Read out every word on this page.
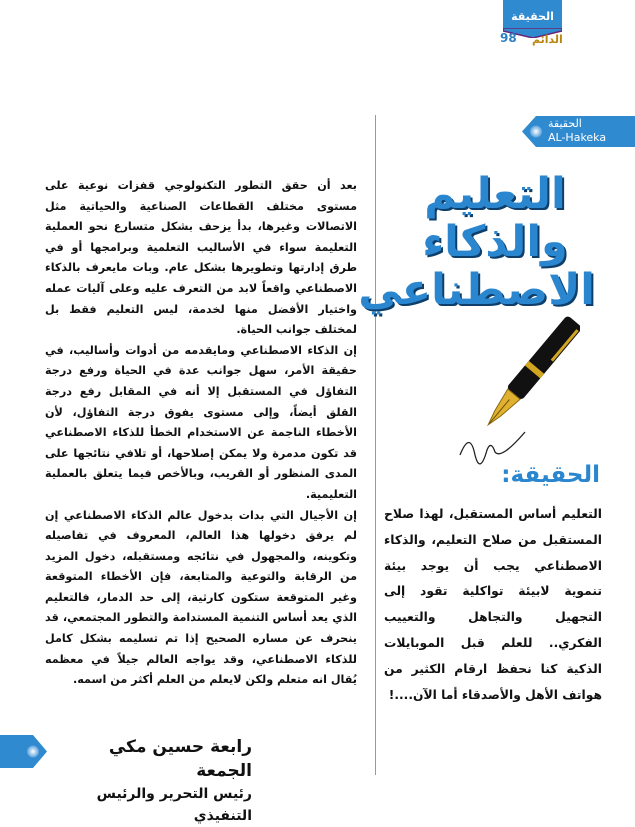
الحقيقة
98 الدائم
الحقيقة
AL-Hakeka
التعليم
والذكاء
الاصطناعي

بعد أن حقق التطور التكنولوجي قفزات نوعية على مستوى مختلف القطاعات الصناعية والحياتية مثل الاتصالات وغيرها، بدأ يزحف بشكل متسارع نحو العملية التعليمة سواء في الأساليب التعلمية وبرامجها أو في طرق إدارتها وتطويرها بشكل عام. وبات مايعرف بالذكاء الاصطناعي واقعاً لابد من التعرف عليه وعلى آليات عمله واختيار الأفضل منها لخدمة، ليس التعليم فقط بل لمختلف جوانب الحياة.

إن الذكاء الاصطناعي ومايقدمه من أدوات وأساليب، في حقيقة الأمر، سهل جوانب عدة في الحياة ورفع درجة التفاؤل في المستقبل إلا أنه في المقابل رفع درجة القلق أيضاً، وإلى مستوى يفوق درجة التفاؤل، لأن الأخطاء الناجمة عن الاستخدام الخطأ للذكاء الاصطناعي قد تكون مدمرة ولا يمكن إصلاحها، أو تلافي نتائجها على المدى المنظور أو القريب، وبالأخص فيما يتعلق بالعملية التعليمية.

إن الأجيال التي بدات بدخول عالم الذكاء الاصطناعي إن لم يرفق دخولها هذا العالم، المعروف في تفاصيله وتكوينه، والمجهول في نتائجه ومستقبله، دخول المزيد من الرقابة والتوعية والمتابعة، فإن الأخطاء المتوقعة وغير المتوقعة ستكون كارثية، إلى حد الدمار، فالتعليم الذي يعد أساس التنمية المستدامة والتطور المجتمعي، قد ينحرف عن مساره الصحيح إذا تم تسليمه بشكل كامل للذكاء الاصطناعي، وقد يواجه العالم جيلاً في معظمه يُقال انه متعلم ولكن لايعلم من العلم أكثر من اسمه.

الحقيقة:
التعليم أساس المستقبل، لهذا صلاح المستقبل من صلاح التعليم، والذكاء الاصطناعي يجب أن يوجد بيئة تنموية لابيئة تواكلية تقود إلى التجهيل والتجاهل والتعييب الفكري.. للعلم قبل الموبايلات الذكية كنا نحفظ ارقام الكثير من هواتف الأهل والأصدقاء أما الآن....!
رابعة حسين مكي الجمعة
رئيس التحرير والرئيس التنفيذي
